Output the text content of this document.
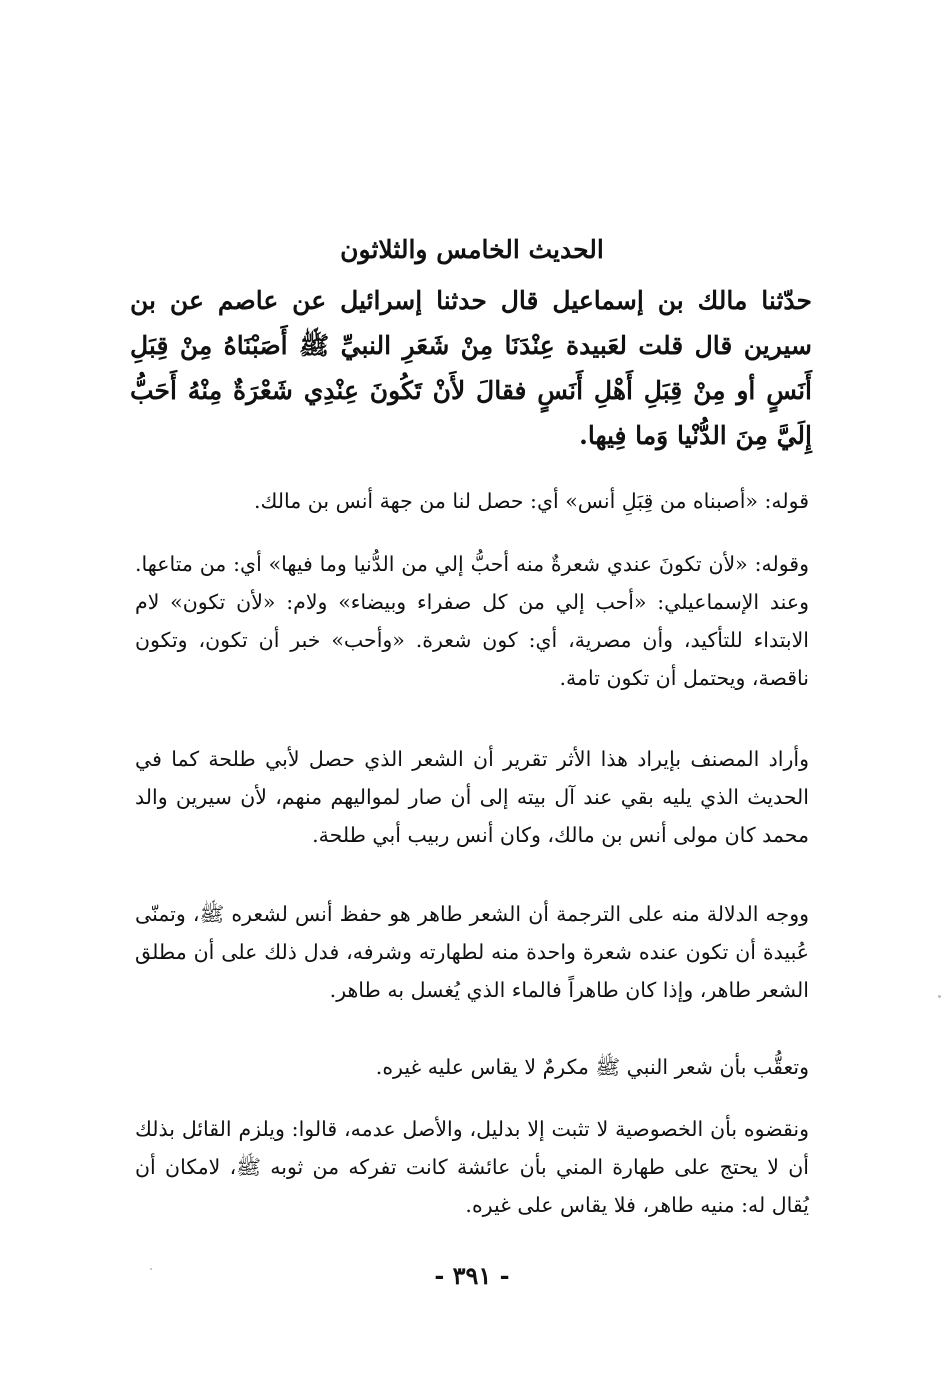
الحديث الخامس والثلاثون
حدّثنا مالك بن إسماعيل قال حدثنا إسرائيل عن عاصم عن بن سيرين قال قلت لعَبيدة عِنْدَنَا مِنْ شَعَرِ النبيِّ ﷺ أَصَبْنَاهُ مِنْ قِبَلِ أَنَسٍ أو مِنْ قِبَلِ أَهْلِ أَنَسٍ فقالَ لأَنْ تَكُونَ عِنْدِي شَعْرَةٌ مِنْهُ أَحَبُّ إِلَيَّ مِنَ الدُّنْيا وَما فِيها.

قوله: «أصبناه من قِبَلِ أنس» أي: حصل لنا من جهة أنس بن مالك.

وقوله: «لأن تكونَ عندي شعرةٌ منه أحبُّ إلي من الدُّنيا وما فيها» أي: من متاعها. وعند الإسماعيلي: «أحب إلي من كل صفراء وبيضاء» ولام: «لأن تكون» لام الابتداء للتأكيد، وأن مصرية، أي: كون شعرة. «وأحب» خبر أن تكون، وتكون ناقصة، ويحتمل أن تكون تامة.

وأراد المصنف بإيراد هذا الأثر تقرير أن الشعر الذي حصل لأبي طلحة كما في الحديث الذي يليه بقي عند آل بيته إلى أن صار لمواليهم منهم، لأن سيرين والد محمد كان مولى أنس بن مالك، وكان أنس ربيب أبي طلحة.

ووجه الدلالة منه على الترجمة أن الشعر طاهر هو حفظ أنس لشعره ﷺ، وتمنّى عُبيدة أن تكون عنده شعرة واحدة منه لطهارته وشرفه، فدل ذلك على أن مطلق الشعر طاهر، وإذا كان طاهراً فالماء الذي يُغسل به طاهر.

وتعقُّب بأن شعر النبي ﷺ مكرمٌ لا يقاس عليه غيره.

ونقضوه بأن الخصوصية لا تثبت إلا بدليل، والأصل عدمه، قالوا: ويلزم القائل بذلك أن لا يحتج على طهارة المني بأن عائشة كانت تفركه من ثوبه ﷺ، لامكان أن يُقال له: منيه طاهر، فلا يقاس على غيره.

- ٣٩١ -
